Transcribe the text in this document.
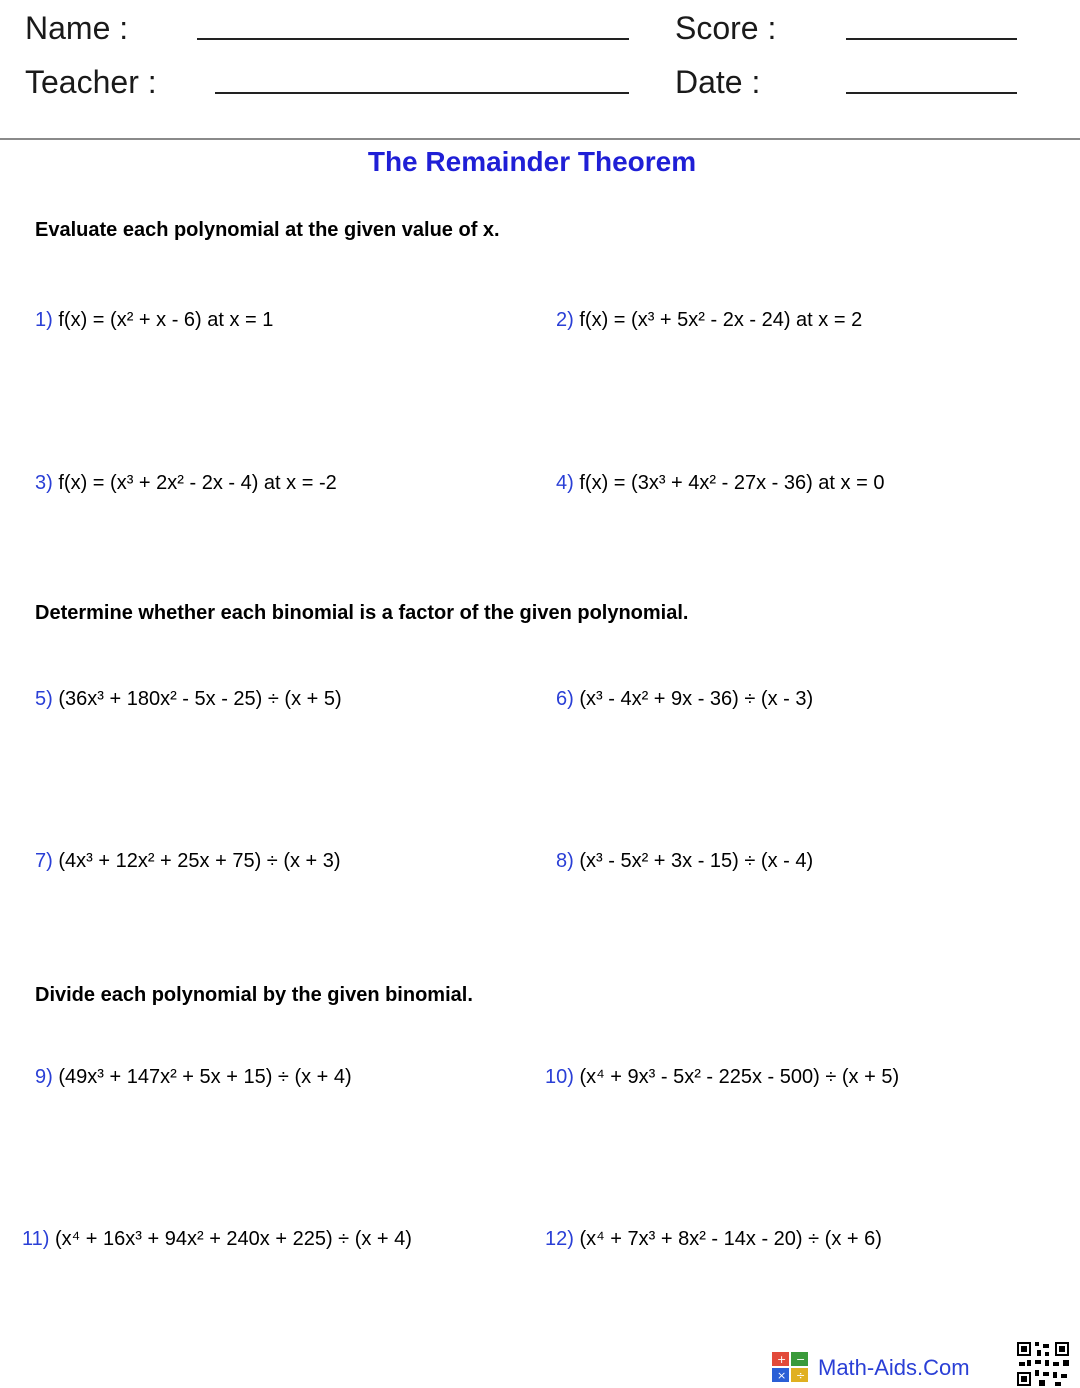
Name :
Teacher :
Score :
Date :
The Remainder Theorem
Evaluate each polynomial at the given value of x.
Determine whether each binomial is a factor of the given polynomial.
Divide each polynomial by the given binomial.
1) f(x) = (x² + x - 6) at x = 1	2) f(x) = (x³ + 5x² - 2x - 24) at x = 2
3) f(x) = (x³ + 2x² - 2x - 4) at x = -2	4) f(x) = (3x³ + 4x² - 27x - 36) at x = 0
5) (36x³ + 180x² - 5x - 25) ÷ (x + 5)	6) (x³ - 4x² + 9x - 36) ÷ (x - 3)
7) (4x³ + 12x² + 25x + 75) ÷ (x + 3)	8) (x³ - 5x² + 3x - 15) ÷ (x - 4)
9) (49x³ + 147x² + 5x + 15) ÷ (x + 4)	10) (x⁴ + 9x³ - 5x² - 225x - 500) ÷ (x + 5)
11) (x⁴ + 16x³ + 94x² + 240x + 225) ÷ (x + 4)	12) (x⁴ + 7x³ + 8x² - 14x - 20) ÷ (x + 6)
+ −
× ÷ Math-Aids.Com
